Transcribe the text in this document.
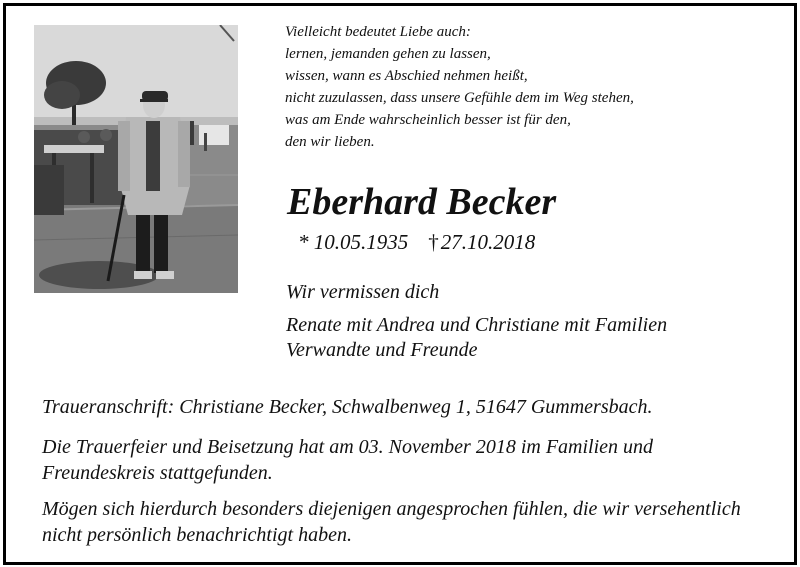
Vielleicht bedeutet Liebe auch:
lernen, jemanden gehen zu lassen,
wissen, wann es Abschied nehmen heißt,
nicht zuzulassen, dass unsere Gefühle dem im Weg stehen,
was am Ende wahrscheinlich besser ist für den,
den wir lieben.
Eberhard Becker
* 10.05.1935 †27.10.2018
Wir vermissen dich
Renate mit Andrea und Christiane mit Familien
Verwandte und Freunde
Traueranschrift: Christiane Becker, Schwalbenweg 1, 51647 Gummersbach.
Die Trauerfeier und Beisetzung hat am 03. November 2018 im Familien und
Freundeskreis stattgefunden.
Mögen sich hierdurch besonders diejenigen angesprochen fühlen, die wir versehentlich
nicht persönlich benachrichtigt haben.
